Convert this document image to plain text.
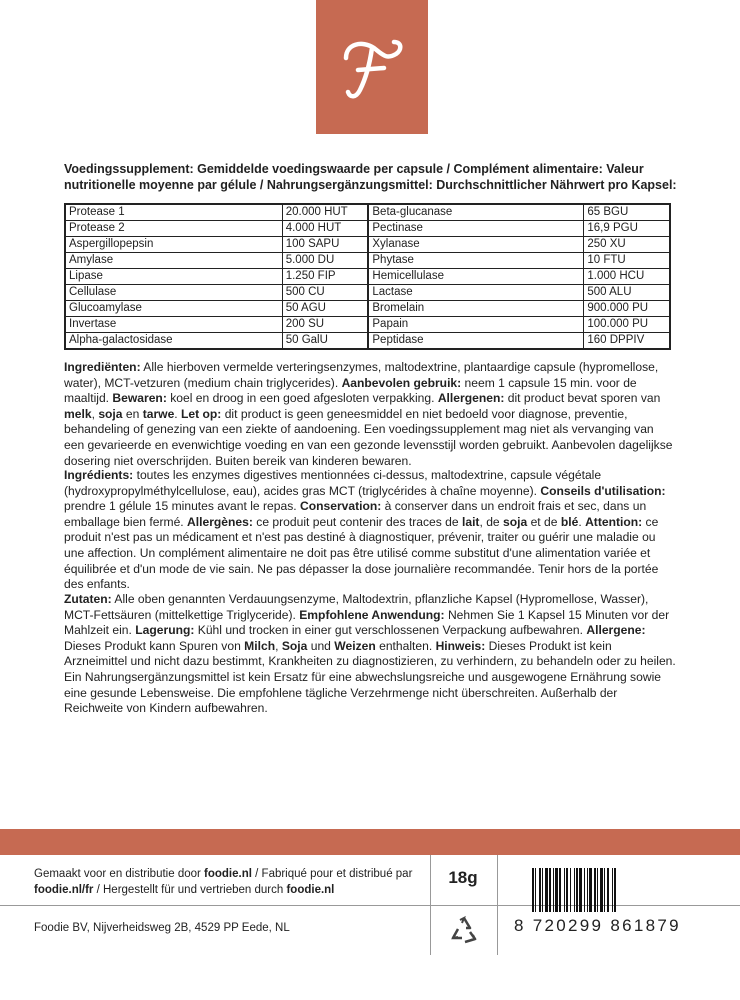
Voedingssupplement: Gemiddelde voedingswaarde per capsule / Complément alimentaire: Valeur nutritionelle moyenne par gélule / Nahrungsergänzungsmittel: Durchschnittlicher Nährwert pro Kapsel:
Protease 1	20.000 HUT	Beta-glucanase	65 BGU
Protease 2	4.000 HUT	Pectinase	16,9 PGU
Aspergillopepsin	100 SAPU	Xylanase	250 XU
Amylase	5.000 DU	Phytase	10 FTU
Lipase	1.250 FIP	Hemicellulase	1.000 HCU
Cellulase	500 CU	Lactase	500 ALU
Glucoamylase	50 AGU	Bromelain	900.000 PU
Invertase	200 SU	Papain	100.000 PU
Alpha-galactosidase	50 GalU	Peptidase	160 DPPIV
Ingrediënten: Alle hierboven vermelde verteringsenzymes, maltodextrine, plantaardige capsule (hypromellose, water), MCT-vetzuren (medium chain triglycerides). Aanbevolen gebruik: neem 1 capsule 15 min. voor de maaltijd. Bewaren: koel en droog in een goed afgesloten verpakking. Allergenen: dit product bevat sporen van melk, soja en tarwe. Let op: dit product is geen geneesmiddel en niet bedoeld voor diagnose, preventie, behandeling of genezing van een ziekte of aandoening. Een voedingssupplement mag niet als vervanging van een gevarieerde en evenwichtige voeding en van een gezonde levensstijl worden gebruikt. Aanbevolen dagelijkse dosering niet overschrijden. Buiten bereik van kinderen bewaren.
Ingrédients: toutes les enzymes digestives mentionnées ci-dessus, maltodextrine, capsule végétale (hydroxypropylméthylcellulose, eau), acides gras MCT (triglycérides à chaîne moyenne). Conseils d'utilisation: prendre 1 gélule 15 minutes avant le repas. Conservation: à conserver dans un endroit frais et sec, dans un emballage bien fermé. Allergènes: ce produit peut contenir des traces de lait, de soja et de blé. Attention: ce produit n'est pas un médicament et n'est pas destiné à diagnostiquer, prévenir, traiter ou guérir une maladie ou une affection. Un complément alimentaire ne doit pas être utilisé comme substitut d'une alimentation variée et équilibrée et d'un mode de vie sain. Ne pas dépasser la dose journalière recommandée. Tenir hors de la portée des enfants.
Zutaten: Alle oben genannten Verdauungsenzyme, Maltodextrin, pflanzliche Kapsel (Hypromellose, Wasser), MCT-Fettsäuren (mittelkettige Triglyceride). Empfohlene Anwendung: Nehmen Sie 1 Kapsel 15 Minuten vor der Mahlzeit ein. Lagerung: Kühl und trocken in einer gut verschlossenen Verpackung aufbewahren. Allergene: Dieses Produkt kann Spuren von Milch, Soja und Weizen enthalten. Hinweis: Dieses Produkt ist kein Arzneimittel und nicht dazu bestimmt, Krankheiten zu diagnostizieren, zu verhindern, zu behandeln oder zu heilen. Ein Nahrungsergänzungsmittel ist kein Ersatz für eine abwechslungsreiche und ausgewogene Ernährung sowie eine gesunde Lebensweise. Die empfohlene tägliche Verzehrmenge nicht überschreiten. Außerhalb der Reichweite von Kindern aufbewahren.
Gemaakt voor en distributie door foodie.nl / Fabriqué pour et distribué par foodie.nl/fr / Hergestellt für und vertrieben durch foodie.nl
Foodie BV, Nijverheidsweg 2B, 4529 PP Eede, NL
18g
8 720299 861879
